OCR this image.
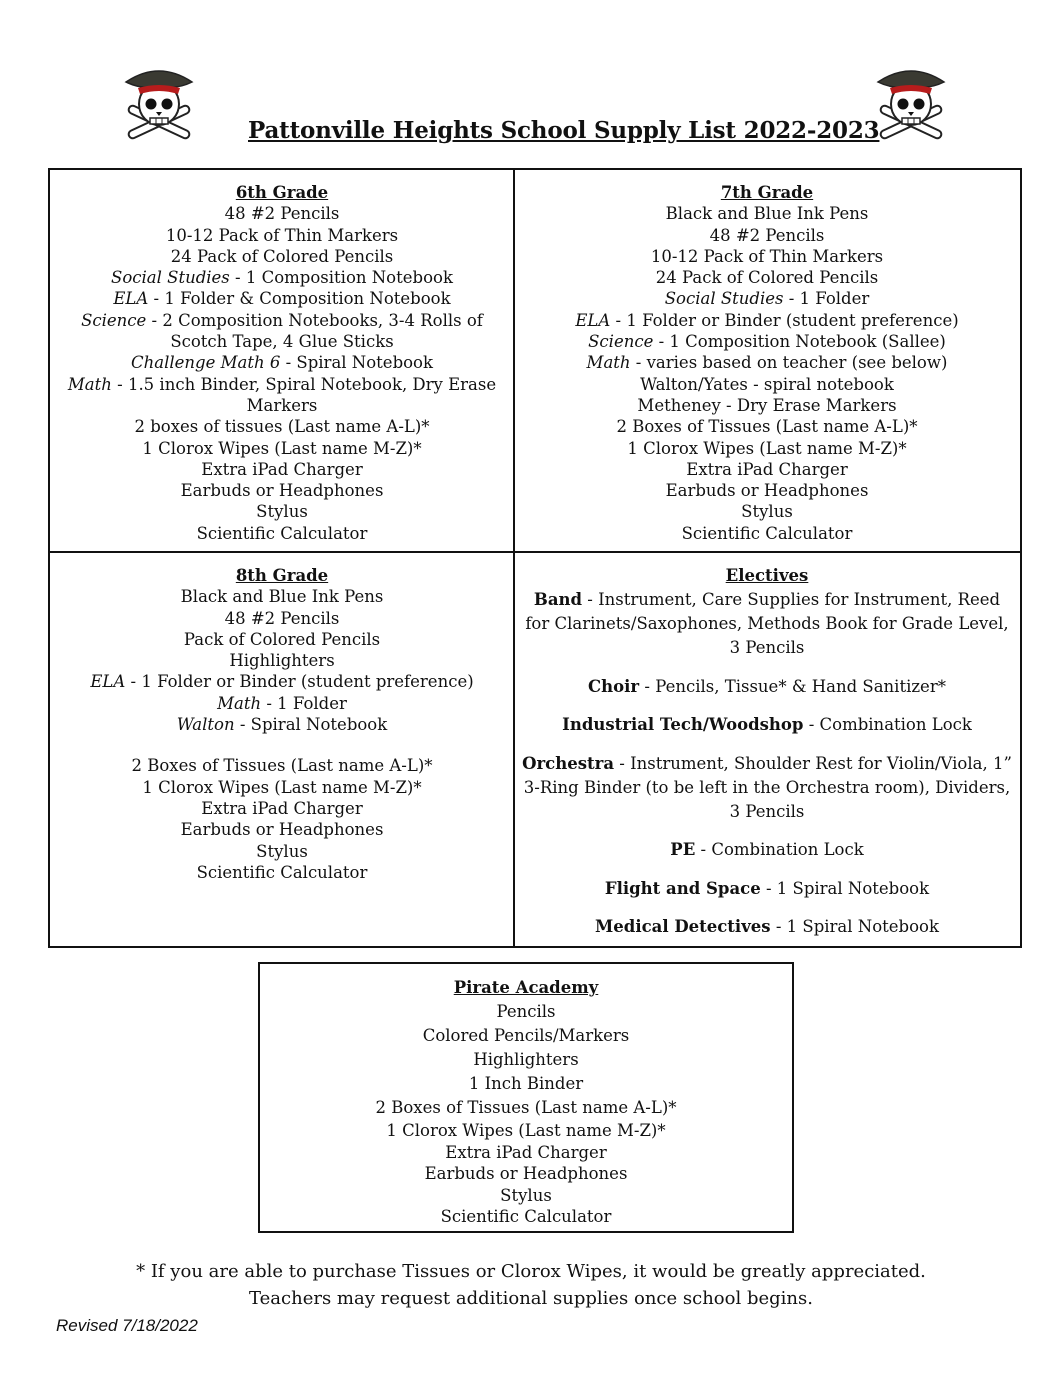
Pattonville Heights School Supply List 2022-2023
6th Grade
48 #2 Pencils
10-12 Pack of Thin Markers
24 Pack of Colored Pencils
Social Studies - 1 Composition Notebook
ELA - 1 Folder & Composition Notebook
Science - 2 Composition Notebooks, 3-4 Rolls of
Scotch Tape, 4 Glue Sticks
Challenge Math 6 - Spiral Notebook
Math - 1.5 inch Binder, Spiral Notebook, Dry Erase
Markers
2 boxes of tissues (Last name A-L)*
1 Clorox Wipes (Last name M-Z)*
Extra iPad Charger
Earbuds or Headphones
Stylus
Scientific Calculator
7th Grade
Black and Blue Ink Pens
48 #2 Pencils
10-12 Pack of Thin Markers
24 Pack of Colored Pencils
Social Studies - 1 Folder
ELA - 1 Folder or Binder (student preference)
Science - 1 Composition Notebook (Sallee)
Math - varies based on teacher (see below)
Walton/Yates - spiral notebook
Metheney - Dry Erase Markers
2 Boxes of Tissues (Last name A-L)*
1 Clorox Wipes (Last name M-Z)*
Extra iPad Charger
Earbuds or Headphones
Stylus
Scientific Calculator
8th Grade
Black and Blue Ink Pens
48 #2 Pencils
Pack of Colored Pencils
Highlighters
ELA - 1 Folder or Binder (student preference)
Math - 1 Folder
Walton - Spiral Notebook
2 Boxes of Tissues (Last name A-L)*
1 Clorox Wipes (Last name M-Z)*
Extra iPad Charger
Earbuds or Headphones
Stylus
Scientific Calculator
Electives
Band - Instrument, Care Supplies for Instrument, Reed for Clarinets/Saxophones, Methods Book for Grade Level, 3 Pencils
Choir - Pencils, Tissue* & Hand Sanitizer*
Industrial Tech/Woodshop - Combination Lock
Orchestra - Instrument, Shoulder Rest for Violin/Viola, 1” 3-Ring Binder (to be left in the Orchestra room), Dividers, 3 Pencils
PE - Combination Lock
Flight and Space - 1 Spiral Notebook
Medical Detectives - 1 Spiral Notebook
Pirate Academy
Pencils
Colored Pencils/Markers
Highlighters
1 Inch Binder
2 Boxes of Tissues (Last name A-L)*
1 Clorox Wipes (Last name M-Z)*
Extra iPad Charger
Earbuds or Headphones
Stylus
Scientific Calculator
* If you are able to purchase Tissues or Clorox Wipes, it would be greatly appreciated.
Teachers may request additional supplies once school begins.
Revised 7/18/2022
